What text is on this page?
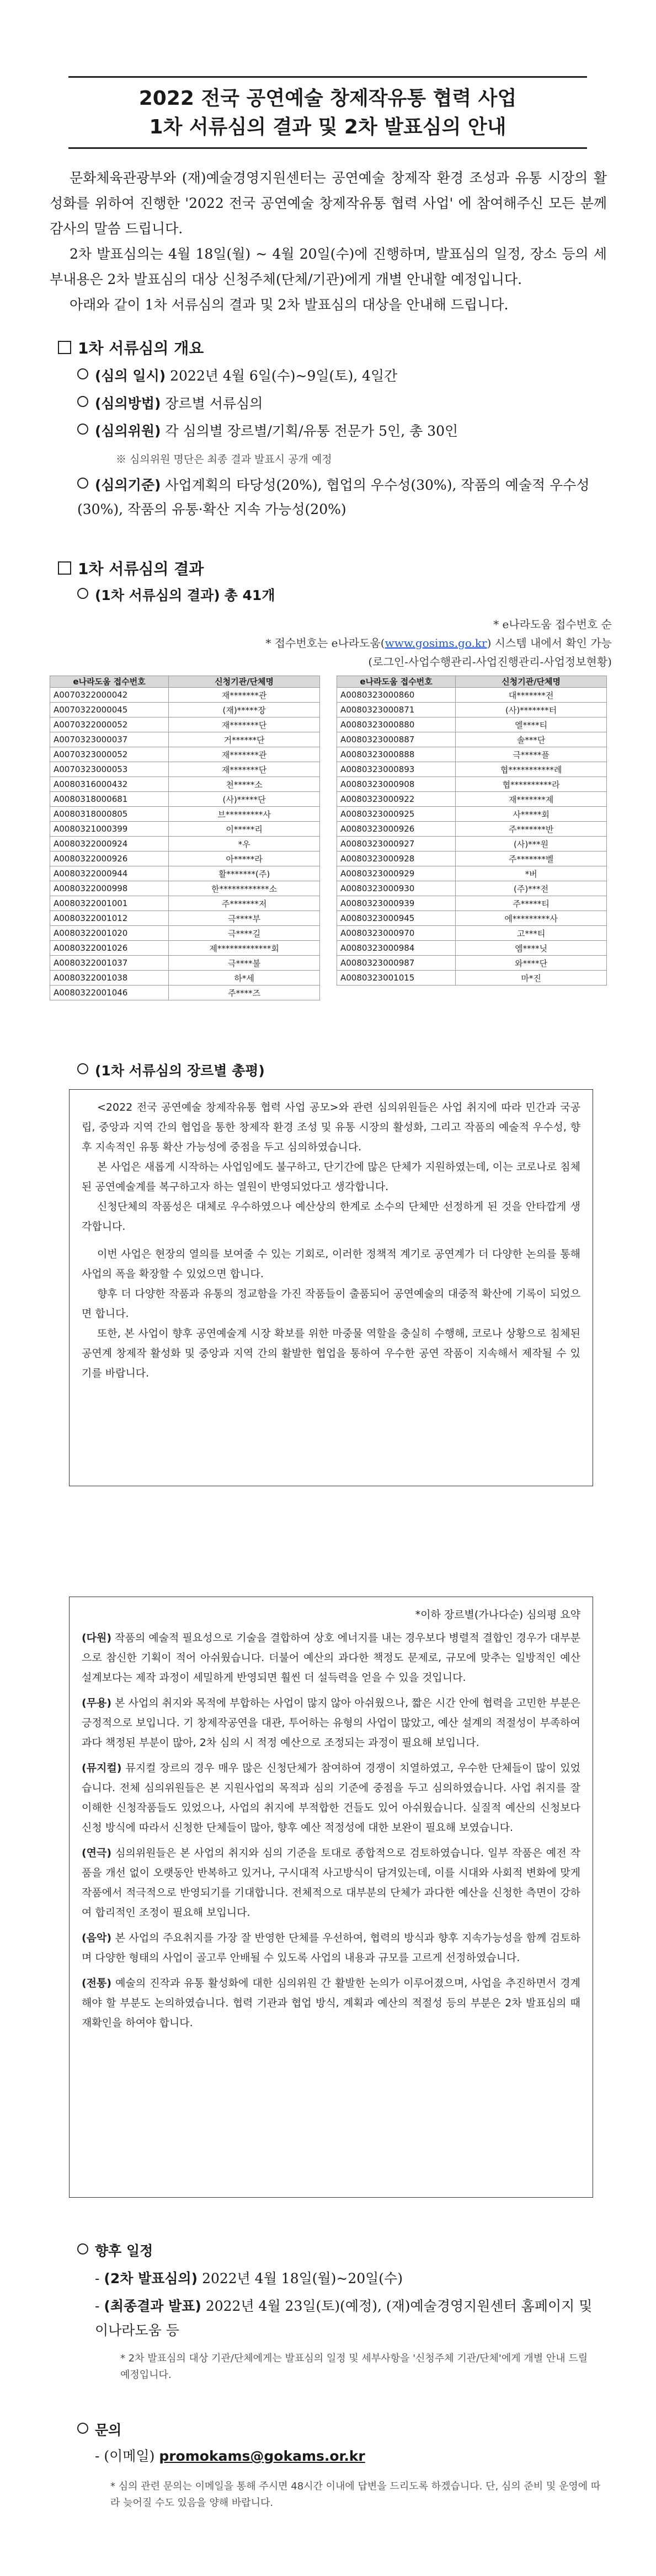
2022 전국 공연예술 창제작유통 협력 사업
1차 서류심의 결과 및 2차 발표심의 안내

문화체육관광부와 (재)예술경영지원센터는 공연예술 창제작 환경 조성과 유통 시장의 활성화를 위하여 진행한 '2022 전국 공연예술 창제작유통 협력 사업' 에 참여해주신 모든 분께 감사의 말씀 드립니다.

2차 발표심의는 4월 18일(월) ~ 4월 20일(수)에 진행하며, 발표심의 일정, 장소 등의 세부내용은 2차 발표심의 대상 신청주체(단체/기관)에게 개별 안내할 예정입니다.

아래와 같이 1차 서류심의 결과 및 2차 발표심의 대상을 안내해 드립니다.

1차 서류심의 개요
(심의 일시) 2022년 4월 6일(수)~9일(토), 4일간
(심의방법) 장르별 서류심의
(심의위원) 각 심의별 장르별/기획/유통 전문가 5인, 총 30인
※ 심의위원 명단은 최종 결과 발표시 공개 예정
(심의기준) 사업계획의 타당성(20%), 협업의 우수성(30%), 작품의 예술적 우수성(30%), 작품의 유통·확산 지속 가능성(20%)
1차 서류심의 결과
(1차 서류심의 결과) 총 41개
* e나라도움 접수번호 순
* 접수번호는 e나라도움(www.gosims.go.kr) 시스템 내에서 확인 가능
(로그인-사업수행관리-사업진행관리-사업정보현황)
e나라도움 접수번호	신청기관/단체명
A0070322000042	재*******관
A0070322000045	(재)*****장
A0070322000052	재*******단
A0070323000037	거******단
A0070323000052	재*******관
A0070323000053	재*******단
A0080316000432	천*****소
A0080318000681	(사)*****단
A0080318000805	브*********사
A0080321000399	이*****리
A0080322000924	*우
A0080322000926	아*****라
A0080322000944	활*******(주)
A0080322000998	한************소
A0080322001001	주*******저
A0080322001012	극****부
A0080322001020	극****길
A0080322001026	제*************회
A0080322001037	극****불
A0080322001038	하*세
A0080322001046	주****즈
e나라도움 접수번호	신청기관/단체명
A0080323000860	대*******전
A0080323000871	(사)*******터
A0080323000880	엘****티
A0080323000887	솔***단
A0080323000888	극*****플
A0080323000893	협***********레
A0080323000908	협**********라
A0080323000922	재*******제
A0080323000925	사*****회
A0080323000926	주*******반
A0080323000927	(사)***원
A0080323000928	주*******벨
A0080323000929	*버
A0080323000930	(주)***전
A0080323000939	주*****티
A0080323000945	에*********사
A0080323000970	고***티
A0080323000984	엠****닛
A0080323000987	와****단
A0080323001015	마*진
(1차 서류심의 장르별 총평)

<2022 전국 공연예술 창제작유통 협력 사업 공모>와 관련 심의위원들은 사업 취지에 따라 민간과 국공립, 중앙과 지역 간의 협업을 통한 창제작 환경 조성 및 유통 시장의 활성화, 그리고 작품의 예술적 우수성, 향후 지속적인 유통 확산 가능성에 중점을 두고 심의하였습니다.

본 사업은 새롭게 시작하는 사업임에도 불구하고, 단기간에 많은 단체가 지원하였는데, 이는 코로나로 침체된 공연예술계를 복구하고자 하는 열원이 반영되었다고 생각합니다.

신청단체의 작품성은 대체로 우수하였으나 예산상의 한계로 소수의 단체만 선정하게 된 것을 안타깝게 생각합니다.

이번 사업은 현장의 열의를 보여줄 수 있는 기회로, 이러한 정책적 계기로 공연계가 더 다양한 논의를 통해 사업의 폭을 확장할 수 있었으면 합니다.

향후 더 다양한 작품과 유통의 정교함을 가진 작품들이 출품되어 공연예술의 대중적 확산에 기록이 되었으면 합니다.

또한, 본 사업이 향후 공연예술계 시장 확보를 위한 마중물 역할을 충실히 수행해, 코로나 상황으로 침체된 공연계 창제작 활성화 및 중앙과 지역 간의 활발한 협업을 통하여 우수한 공연 작품이 지속해서 제작될 수 있기를 바랍니다.

*이하 장르별(가나다순) 심의평 요약

(다원) 작품의 예술적 필요성으로 기술을 결합하여 상호 에너지를 내는 경우보다 병렬적 결합인 경우가 대부분으로 참신한 기획이 적어 아쉬웠습니다. 더불어 예산의 과다한 책정도 문제로, 규모에 맞추는 일방적인 예산 설계보다는 제작 과정이 세밀하게 반영되면 훨씬 더 설득력을 얻을 수 있을 것입니다.

(무용) 본 사업의 취지와 목적에 부합하는 사업이 많지 않아 아쉬웠으나, 짧은 시간 안에 협력을 고민한 부분은 긍정적으로 보입니다. 기 창제작공연을 대관, 투어하는 유형의 사업이 많았고, 예산 설계의 적절성이 부족하여 과다 책정된 부분이 많아, 2차 심의 시 적정 예산으로 조정되는 과정이 필요해 보입니다.

(뮤지컬) 뮤지컬 장르의 경우 매우 많은 신청단체가 참여하여 경쟁이 치열하였고, 우수한 단체들이 많이 있었습니다. 전체 심의위원들은 본 지원사업의 목적과 심의 기준에 중점을 두고 심의하였습니다. 사업 취지를 잘 이해한 신청작품들도 있었으나, 사업의 취지에 부적합한 건들도 있어 아쉬웠습니다. 실질적 예산의 신청보다 신청 방식에 따라서 신청한 단체들이 많아, 향후 예산 적정성에 대한 보완이 필요해 보였습니다.

(연극) 심의위원들은 본 사업의 취지와 심의 기준을 토대로 종합적으로 검토하였습니다. 일부 작품은 예전 작품을 개선 없이 오랫동안 반복하고 있거나, 구시대적 사고방식이 담겨있는데, 이를 시대와 사회적 변화에 맞게 작품에서 적극적으로 반영되기를 기대합니다. 전체적으로 대부분의 단체가 과다한 예산을 신청한 측면이 강하여 합리적인 조정이 필요해 보입니다.

(음악) 본 사업의 주요취지를 가장 잘 반영한 단체를 우선하여, 협력의 방식과 향후 지속가능성을 함께 검토하며 다양한 형태의 사업이 골고루 안배될 수 있도록 사업의 내용과 규모를 고르게 선정하였습니다.

(전통) 예술의 진작과 유통 활성화에 대한 심의위원 간 활발한 논의가 이루어졌으며, 사업을 추진하면서 경계해야 할 부분도 논의하였습니다. 협력 기관과 협업 방식, 계획과 예산의 적절성 등의 부분은 2차 발표심의 때 재확인을 하여야 합니다.

향후 일정
- (2차 발표심의) 2022년 4월 18일(월)~20일(수)
- (최종결과 발표) 2022년 4월 23일(토)(예정), (재)예술경영지원센터 홈페이지 및 이나라도움 등
* 2차 발표심의 대상 기관/단체에게는 발표심의 일정 및 세부사항을 '신청주체 기관/단체'에게 개별 안내 드릴 예정입니다.
문의
- (이메일) promokams@gokams.or.kr
* 심의 관련 문의는 이메일을 통해 주시면 48시간 이내에 답변을 드리도록 하겠습니다. 단, 심의 준비 및 운영에 따라 늦어질 수도 있음을 양해 바랍니다.
